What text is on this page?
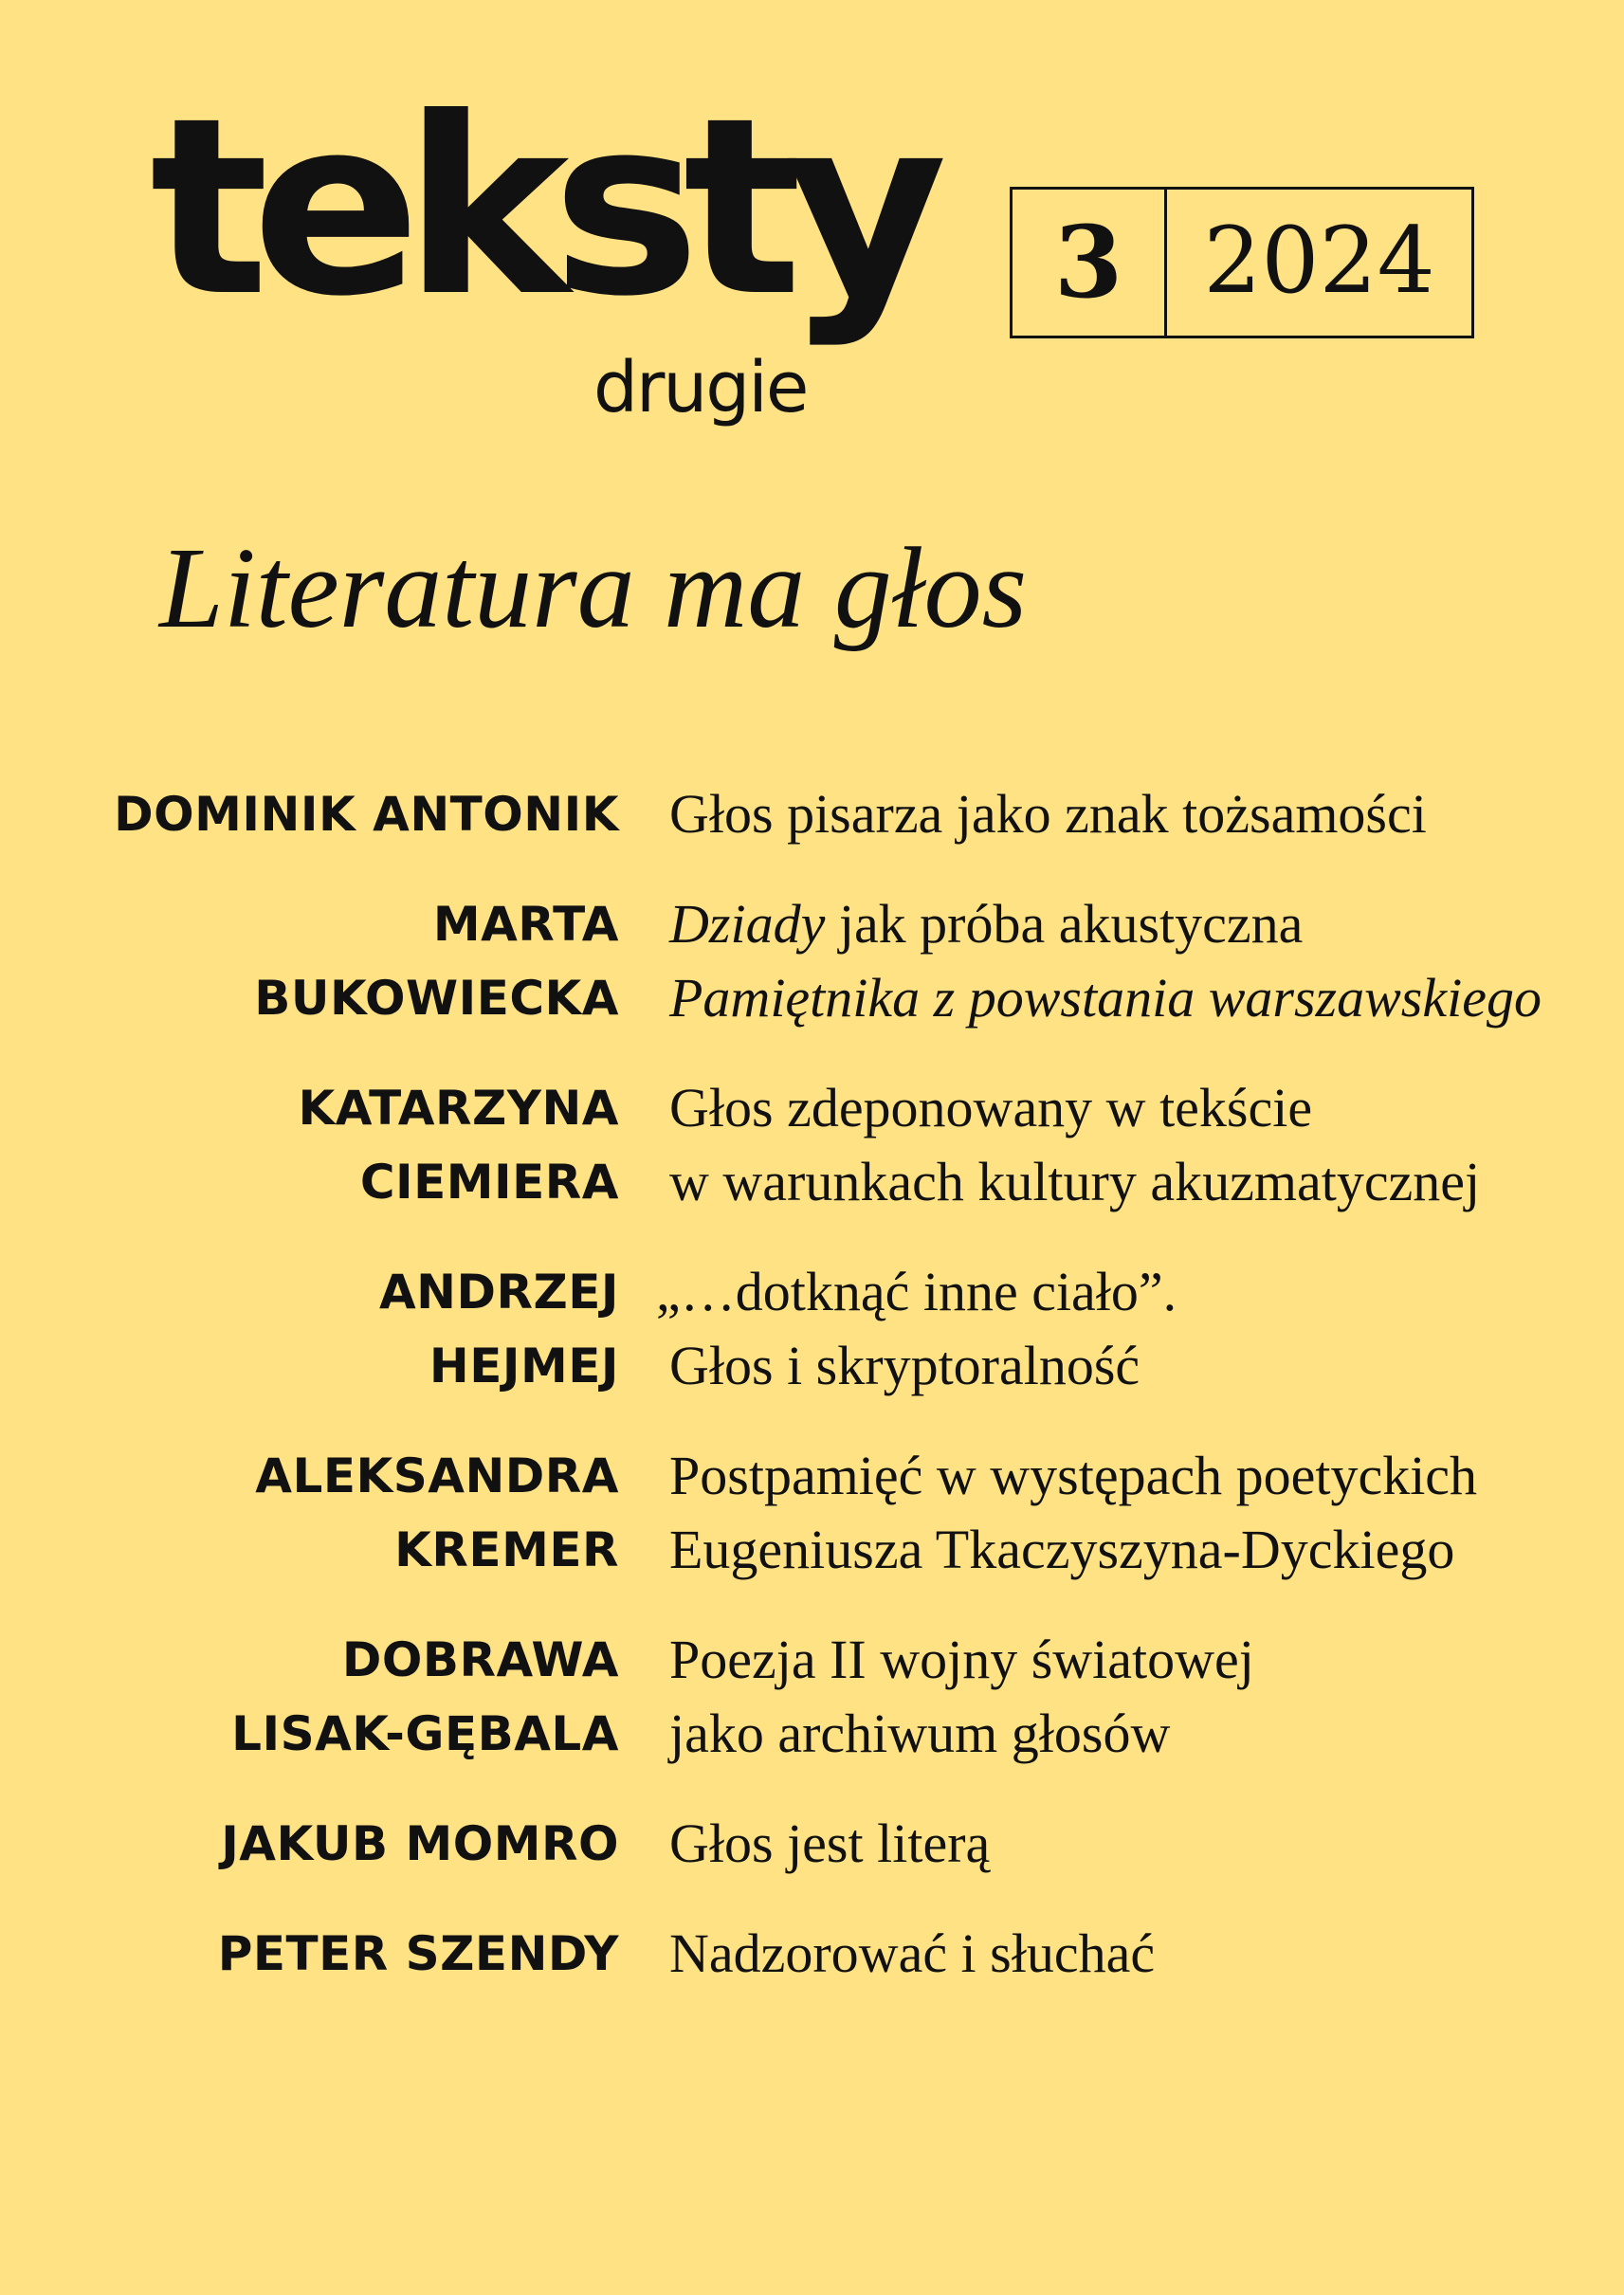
teksty
drugie
3 2024
Literatura ma głos
DOMINIK ANTONIK Głos pisarza jako znak tożsamości
MARTA
BUKOWIECKA
Dziady jak próba akustyczna
Pamiętnika z powstania warszawskiego
KATARZYNA
CIEMIERA
Głos zdeponowany w tekście
w warunkach kultury akuzmatycznej
ANDRZEJ
HEJMEJ
„…dotknąć inne ciało”.
Głos i skryptoralność
ALEKSANDRA
KREMER
Postpamięć w występach poetyckich
Eugeniusza Tkaczyszyna-Dyckiego
DOBRAWA
LISAK-GĘBALA
Poezja II wojny światowej
jako archiwum głosów
JAKUB MOMRO Głos jest literą
PETER SZENDY Nadzorować i słuchać
